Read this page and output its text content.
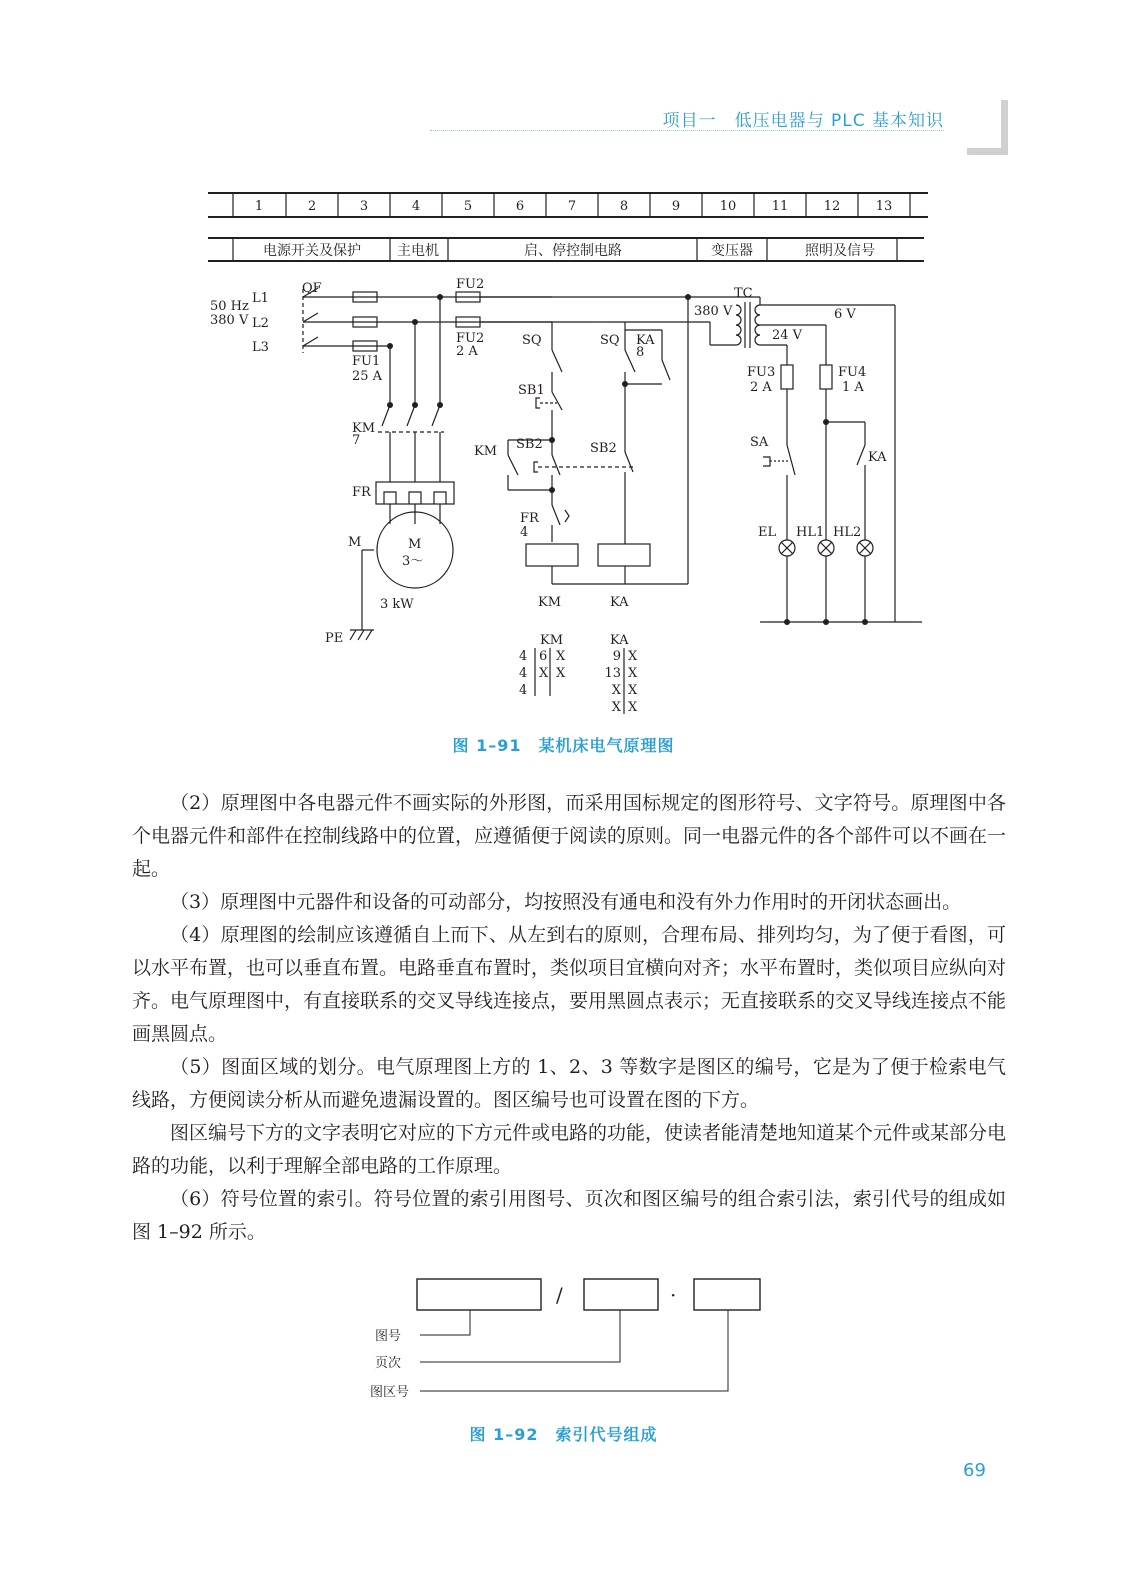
项目一　低压电器与 PLC 基本知识
1	2	3	4	5	6	7	8	9	10	11	12	13
电源开关及保护	主电机	启、停控制电路	变压器	照明及信号
50 Hz
380 V
L1
L2
L3
QF
FU1
25 A
FU2
FU2
2 A
KM
7
FR
M	M
3～
3 kW
PE
SQ	SQ KA
8
SB1
SB2	SB2
KM
FR
4
KM	KA
TC
380 V
24 V
6 V
FU3
2 A
FU4
1 A
SA
KA
EL HL1 HL2
KM
4 6 X
4 X X
4
KA
9 X
13 X
X X
X X
图 1–91　某机床电气原理图

（2）原理图中各电器元件不画实际的外形图，而采用国标规定的图形符号、文字符号。原理图中各个电器元件和部件在控制线路中的位置，应遵循便于阅读的原则。同一电器元件的各个部件可以不画在一起。

（3）原理图中元器件和设备的可动部分，均按照没有通电和没有外力作用时的开闭状态画出。

（4）原理图的绘制应该遵循自上而下、从左到右的原则，合理布局、排列均匀，为了便于看图，可以水平布置，也可以垂直布置。电路垂直布置时，类似项目宜横向对齐；水平布置时，类似项目应纵向对齐。电气原理图中，有直接联系的交叉导线连接点，要用黑圆点表示；无直接联系的交叉导线连接点不能画黑圆点。

（5）图面区域的划分。电气原理图上方的 1、2、3 等数字是图区的编号，它是为了便于检索电气线路，方便阅读分析从而避免遗漏设置的。图区编号也可设置在图的下方。

图区编号下方的文字表明它对应的下方元件或电路的功能，使读者能清楚地知道某个元件或某部分电路的功能，以利于理解全部电路的工作原理。

（6）符号位置的索引。符号位置的索引用图号、页次和图区编号的组合索引法，索引代号的组成如图 1–92 所示。

/	·
图号
页次
图区号
图 1–92　索引代号组成
69
